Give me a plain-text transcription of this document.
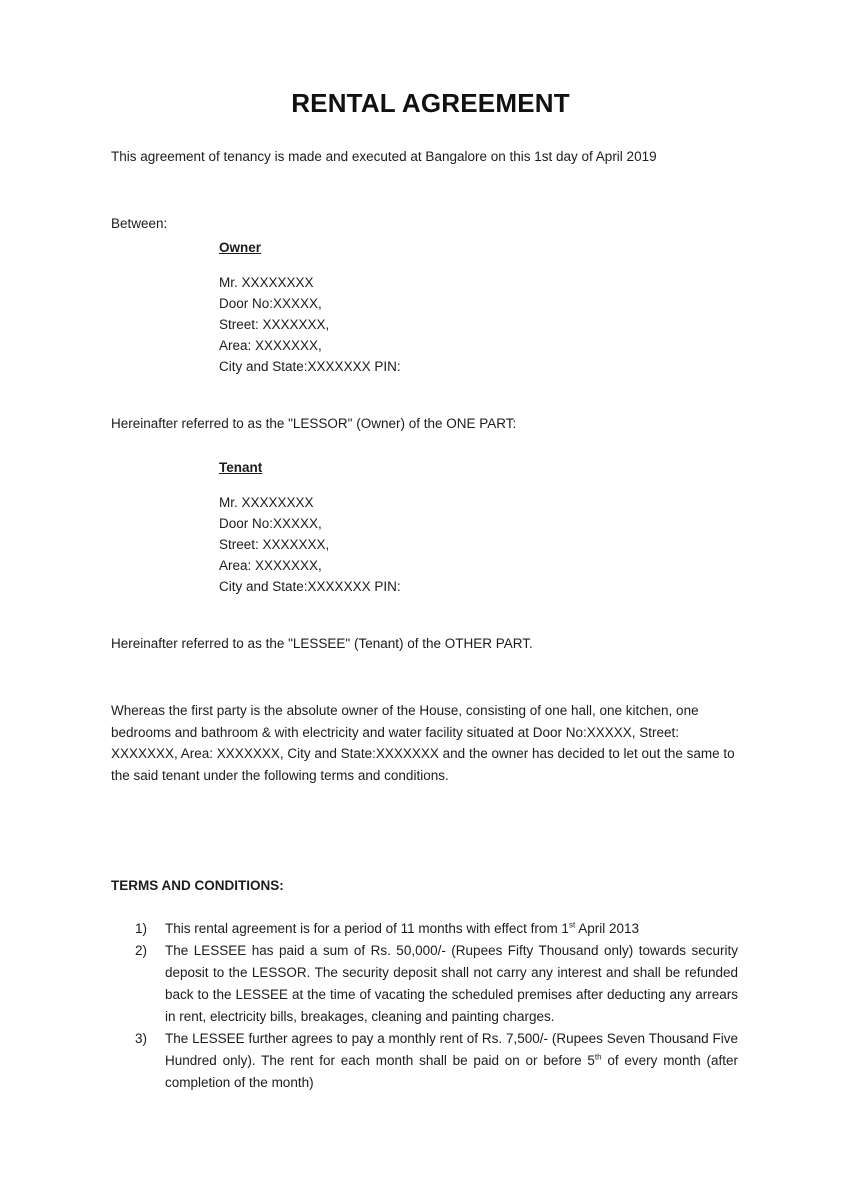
RENTAL AGREEMENT
This agreement of tenancy is made and executed at Bangalore on this 1st day of April 2019
Between:
Owner
Mr. XXXXXXXX
Door No:XXXXX,
Street: XXXXXXX,
Area: XXXXXXX,
City and State:XXXXXXX PIN:
Hereinafter referred to as the "LESSOR" (Owner) of the ONE PART:
Tenant
Mr. XXXXXXXX
Door No:XXXXX,
Street: XXXXXXX,
Area: XXXXXXX,
City and State:XXXXXXX PIN:
Hereinafter referred to as the "LESSEE" (Tenant) of the OTHER PART.
Whereas the first party is the absolute owner of the House, consisting of one hall, one kitchen, one bedrooms and bathroom & with electricity and water facility situated at Door No:XXXXX, Street: XXXXXXX, Area: XXXXXXX, City and State:XXXXXXX and the owner has decided to let out the same to the said tenant under the following terms and conditions.
TERMS AND CONDITIONS:
1)	This rental agreement is for a period of 11 months with effect from 1st April 2013
2)	The LESSEE has paid a sum of Rs. 50,000/- (Rupees Fifty Thousand only) towards security deposit to the LESSOR. The security deposit shall not carry any interest and shall be refunded back to the LESSEE at the time of vacating the scheduled premises after deducting any arrears in rent, electricity bills, breakages, cleaning and painting charges.
3)	The LESSEE further agrees to pay a monthly rent of Rs. 7,500/- (Rupees Seven Thousand Five Hundred only). The rent for each month shall be paid on or before 5th of every month (after completion of the month)
